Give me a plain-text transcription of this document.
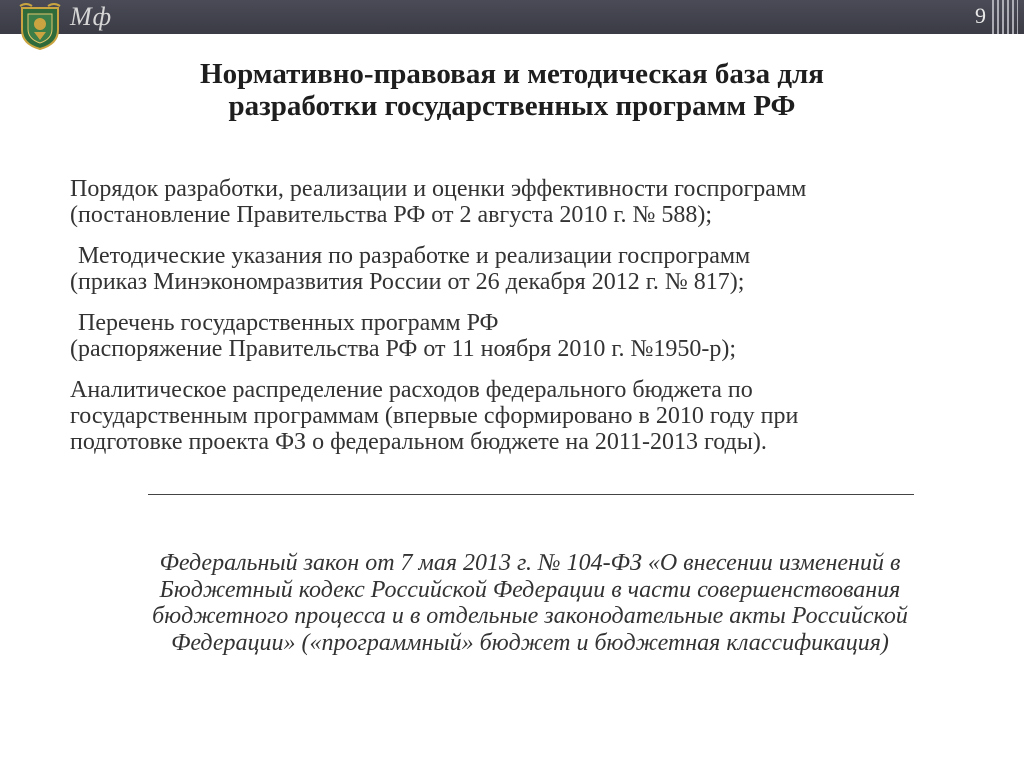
Мф	9
Нормативно-правовая и методическая база для
разработки государственных программ РФ
Порядок разработки, реализации и оценки эффективности госпрограмм
(постановление Правительства РФ от 2 августа 2010 г. № 588);
Методические указания по разработке и реализации госпрограмм
(приказ Минэкономразвития России от 26 декабря 2012 г. № 817);
Перечень государственных программ РФ
(распоряжение Правительства РФ от 11 ноября 2010 г. №1950-р);
Аналитическое распределение расходов федерального бюджета по
государственным программам (впервые сформировано в 2010 году при
подготовке проекта ФЗ о федеральном бюджете на 2011-2013 годы).
Федеральный закон от 7 мая 2013 г. № 104-ФЗ «О внесении изменений в
Бюджетный кодекс Российской Федерации в части совершенствования
бюджетного процесса и в отдельные законодательные акты Российской
Федерации» («программный» бюджет и бюджетная классификация)
